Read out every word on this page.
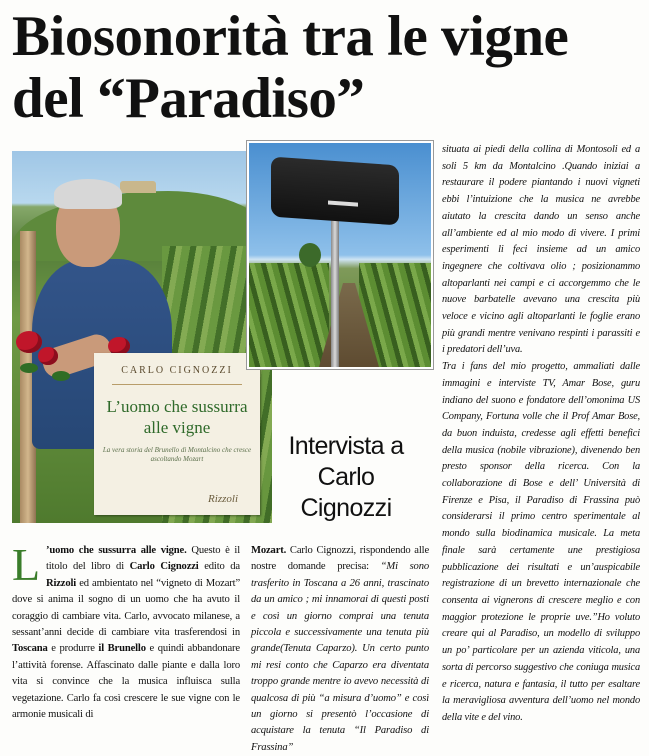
Biosonorità tra le vigne
del “Paradiso”
CARLO CIGNOZZI
L’uomo che sussurra alle vigne
La vera storia del Brunello di Montalcino che cresce ascoltando Mozart
Rizzoli
Intervista a Carlo Cignozzi

L ’uomo che sussurra alle vigne. Questo è il titolo del libro di Carlo Cignozzi edito da Rizzoli ed ambientato nel “vigneto di Mozart” dove si anima il sogno di un uomo che ha avuto il coraggio di cambiare vita. Carlo, avvocato milanese, a sessant’anni decide di cambiare vita trasferendosi in Toscana e produrre il Brunello e quindi abbandonare l’attività forense. Affascinato dalle piante e dalla loro vita si convince che la musica influisca sulla vegetazione. Carlo fa così crescere le sue vigne con le armonie musicali di

Mozart. Carlo Cignozzi, rispondendo alle nostre domande precisa: “Mi sono trasferito in Toscana a 26 anni, trascinato da un amico ; mi innamorai di questi posti e così un giorno comprai una tenuta piccola e successivamente una tenuta più grande(Tenuta Caparzo). Un certo punto mi resi conto che Caparzo era diventata troppo grande mentre io avevo necessità di qualcosa di più “a misura d’uomo” e così un giorno si presentò l’occasione di acquistare la tenuta “Il Paradiso di Frassina”

situata ai piedi della collina di Montosoli ed a soli 5 km da Montalcino .Quando iniziai a restaurare il podere piantando i nuovi vigneti ebbi l’intuizione che la musica ne avrebbe aiutato la crescita dando un senso anche all’ambiente ed al mio modo di vivere. I primi esperimenti li feci insieme ad un amico ingegnere che coltivava olio ; posizionammo altoparlanti nei campi e ci accorgemmo che le nuove barbatelle avevano una crescita più veloce e vicino agli altoparlanti le foglie erano più grandi mentre venivano respinti i parassiti e i predatori dell’uva.

Tra i fans del mio progetto, ammaliati dalle immagini e interviste TV, Amar Bose, guru indiano del suono e fondatore dell’omonima US Company, Fortuna volle che il Prof Amar Bose, da buon induista, credesse agli effetti benefici della musica (nobile vibrazione), divenendo ben presto sponsor della ricerca. Con la collaborazione di Bose e dell’ Università di Firenze e Pisa, il Paradiso di Frassina può considerarsi il primo centro sperimentale al mondo sulla biodinamica musicale. La meta finale sarà certamente une prestigiosa pubblicazione dei risultati e un’auspicabile registrazione di un brevetto internazionale che consenta ai vignerons di crescere meglio e con maggior protezione le proprie uve.”Ho voluto creare qui al Paradiso, un modello di sviluppo un po’ particolare per un azienda viticola, una sorta di percorso suggestivo che coniuga musica e ricerca, natura e fantasia, il tutto per esaltare la meravigliosa avventura dell’uomo nel mondo della vite e del vino.
